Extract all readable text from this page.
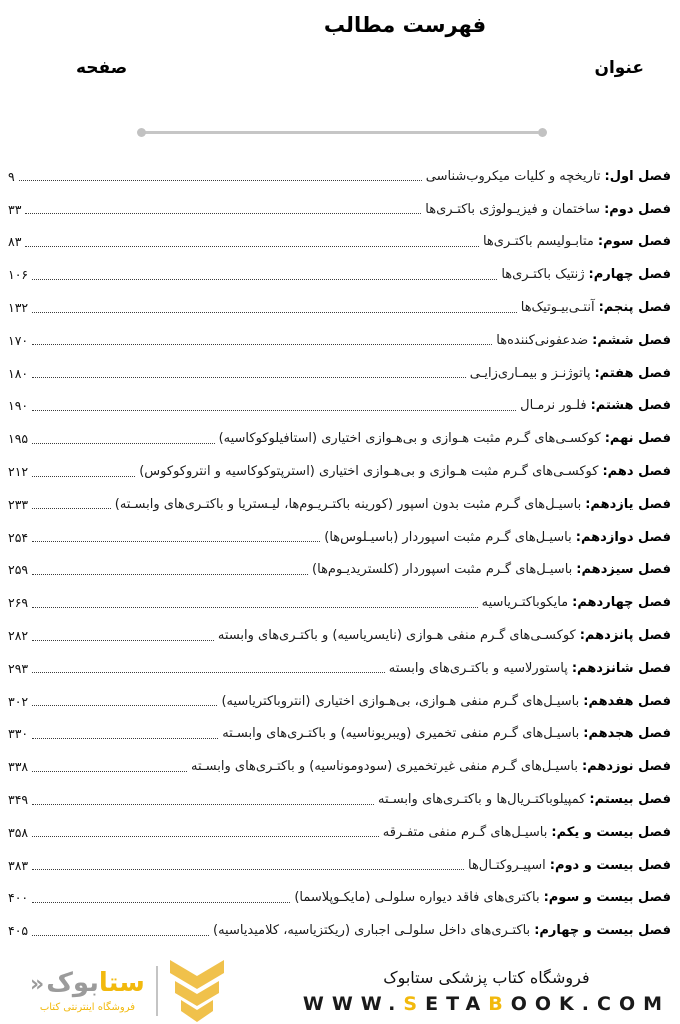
فهرست مطالب
عنوان
صفحه
فصل اول:
تاریخچه و کلیات میکروب‌شناسی
۹
فصل دوم:
ساختمان و فیزیـولوژی باکتـری‌ها
۳۳
فصل سوم:
متابـولیسم باکتـری‌ها
۸۳
فصل چهارم:
ژنتیک باکتـری‌ها
۱۰۶
فصل پنجم:
آنتـی‌بیـوتیک‌ها
۱۳۲
فصل ششم:
ضدعفونی‌کننده‌ها
۱۷۰
فصل هفتم:
پاتوژنـز و بیمـاری‌زایـی
۱۸۰
فصل هشتم:
فلـور نرمـال
۱۹۰
فصل نهم:
کوکسـی‌های گـرم مثبت هـوازی و بی‌هـوازی اختیاری (استافیلوکوکاسیه)
۱۹۵
فصل دهم:
کوکسـی‌های گـرم مثبت هـوازی و بی‌هـوازی اختیاری (استرپتوکوکاسیه و انتروکوکوس)
۲۱۲
فصل یازدهم:
باسیـل‌های گـرم مثبت بدون اسپور (کورینه باکتـریـوم‌ها، لیـستریا و باکتـری‌های وابسـته)
۲۳۳
فصل دوازدهم:
باسیـل‌های گـرم مثبت اسپوردار (باسیـلوس‌ها)
۲۵۴
فصل سیزدهم:
باسیـل‌های گـرم مثبت اسپوردار (کلستریدیـوم‌ها)
۲۵۹
فصل چهاردهم:
مایکوباکتـریاسیه
۲۶۹
فصل پانزدهم:
کوکسـی‌های گـرم منفی هـوازی (نایسریاسیه) و باکتـری‌های وابسته
۲۸۲
فصل شانزدهم:
پاستورلاسیه و باکتـری‌های وابسته
۲۹۳
فصل هفدهم:
باسیـل‌های گـرم منفی هـوازی، بی‌هـوازی اختیاری (انتروباکتریاسیه)
۳۰۲
فصل هجدهم:
باسیـل‌های گـرم منفی تخمیری (ویبریوناسیه) و باکتـری‌های وابسـته
۳۳۰
فصل نوزدهم:
باسیـل‌های گـرم منفی غیرتخمیری (سودوموناسیه) و باکتـری‌های وابسـته
۳۳۸
فصل بیستم:
کمپیلوباکتـریال‌ها و باکتـری‌های وابسـته
۳۴۹
فصل بیست و یکم:
باسیـل‌های گـرم منفی متفـرقه
۳۵۸
فصل بیست و دوم:
اسپیـروکتـال‌ها
۳۸۳
فصل بیست و سوم:
باکتری‌های فاقد دیواره سلولـی (مایکـوپلاسما)
۴۰۰
فصل بیست و چهارم:
باکتـری‌های داخل سلولـی اجباری (ریکتزیاسیه، کلامیدیاسیه)
۴۰۵
ستا
بوک
«
فروشگاه اینترنتی کتاب
فروشگاه کتاب پزشکی ستابوک
WWW.SETABOOK.COM
